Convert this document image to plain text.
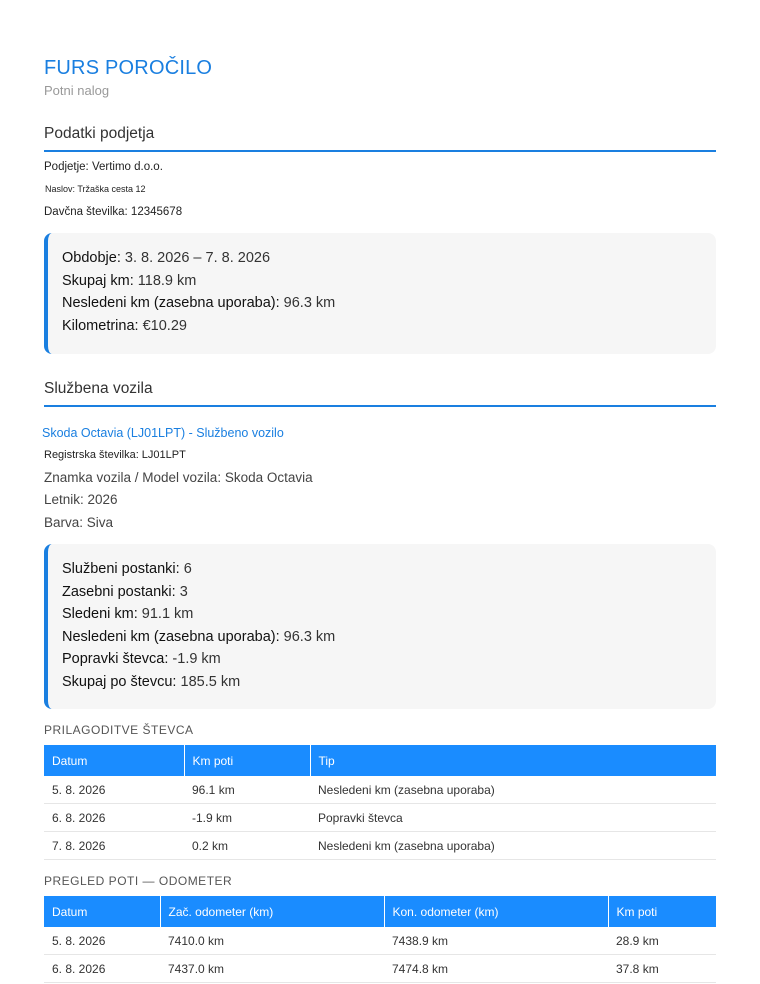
FURS POROČILO
Potni nalog
Podatki podjetja
Podjetje: Vertimo d.o.o.
Naslov: Tržaška cesta 12
Davčna številka: 12345678
Obdobje: 3. 8. 2026 – 7. 8. 2026
Skupaj km: 118.9 km
Nesledeni km (zasebna uporaba): 96.3 km
Kilometrina: €10.29
Službena vozila
Skoda Octavia (LJ01LPT) - Službeno vozilo
Registrska številka: LJ01LPT
Znamka vozila / Model vozila: Skoda Octavia
Letnik: 2026
Barva: Siva
Službeni postanki: 6
Zasebni postanki: 3
Sledeni km: 91.1 km
Nesledeni km (zasebna uporaba): 96.3 km
Popravki števca: -1.9 km
Skupaj po števcu: 185.5 km
PRILAGODITVE ŠTEVCA
Datum	Km poti	Tip
5. 8. 2026	96.1 km	Nesledeni km (zasebna uporaba)
6. 8. 2026	-1.9 km	Popravki števca
7. 8. 2026	0.2 km	Nesledeni km (zasebna uporaba)
PREGLED POTI — ODOMETER
Datum	Zač. odometer (km)	Kon. odometer (km)	Km poti
5. 8. 2026	7410.0 km	7438.9 km	28.9 km
6. 8. 2026	7437.0 km	7474.8 km	37.8 km
